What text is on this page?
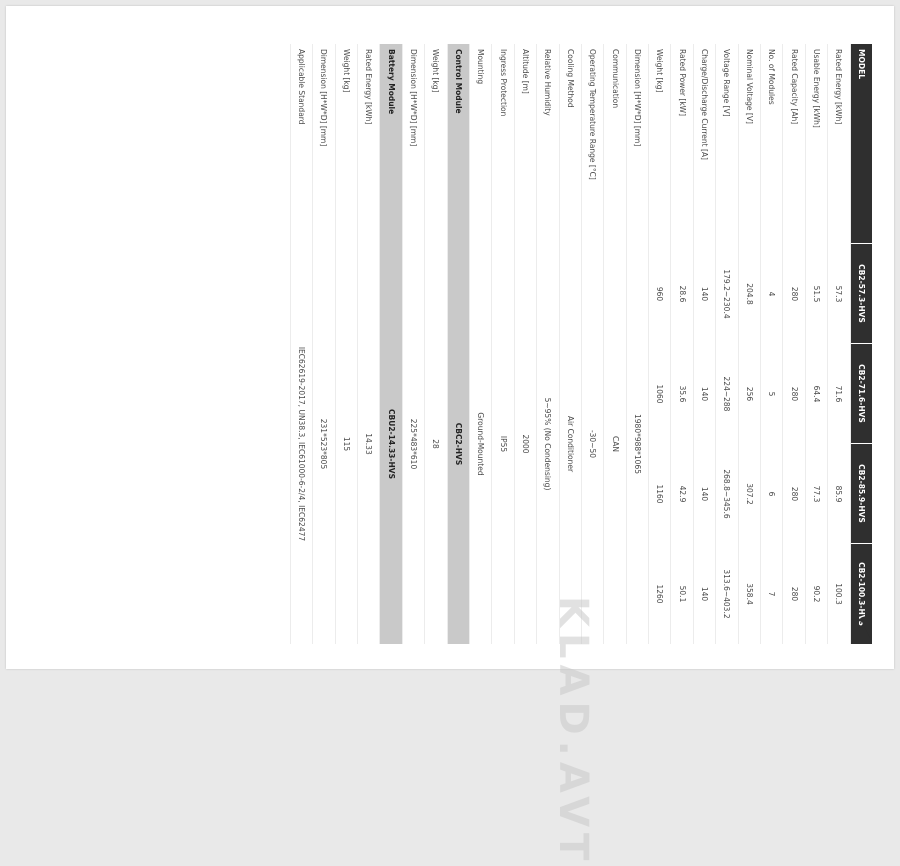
MODEL
CB2-57.3-HVS
CB2-71.6-HVS
CB2-85.9-HVS
CB2-100.3-HVS
Rated Energy [kWh]
57.3
71.6
85.9
100.3
Usable Energy [kWh]
51.5
64.4
77.3
90.2
Rated Capacity [Ah]
280
280
280
280
No. of Modules
4
5
6
7
Nominal Voltage [V]
204.8
256
307.2
358.4
Voltage Range [V]
179.2~230.4
224~288
268.8~345.6
313.6~403.2
Charge/Discharge Current [A]
140
140
140
140
Rated Power [kW]
28.6
35.6
42.9
50.1
Weight [kg]
960
1060
1160
1260
Dimension [H*W*D] [mm]
1980*988*1065
Communication
CAN
Operating Temperature Range [°C]
-30~50
Cooling Method
Air Conditioner
Relative Humidity
5~95% (No Condensing)
Altitude [m]
2000
Ingress Protection
IP55
Mounting
Ground-Mounted
Control Module
CBC2-HVS
Weight [kg]
28
Dimension [H*W*D] [mm]
225*483*610
Battery Module
CBU2-14.33-HVS
Rated Energy [kWh]
14.33
Weight [kg]
115
Dimension [H*W*D] [mm]
231*523*805
Applicable Standard
IEC62619-2017, UN38.3, IEC61000-6-2/4, IEC62477
KLAD.AVT
